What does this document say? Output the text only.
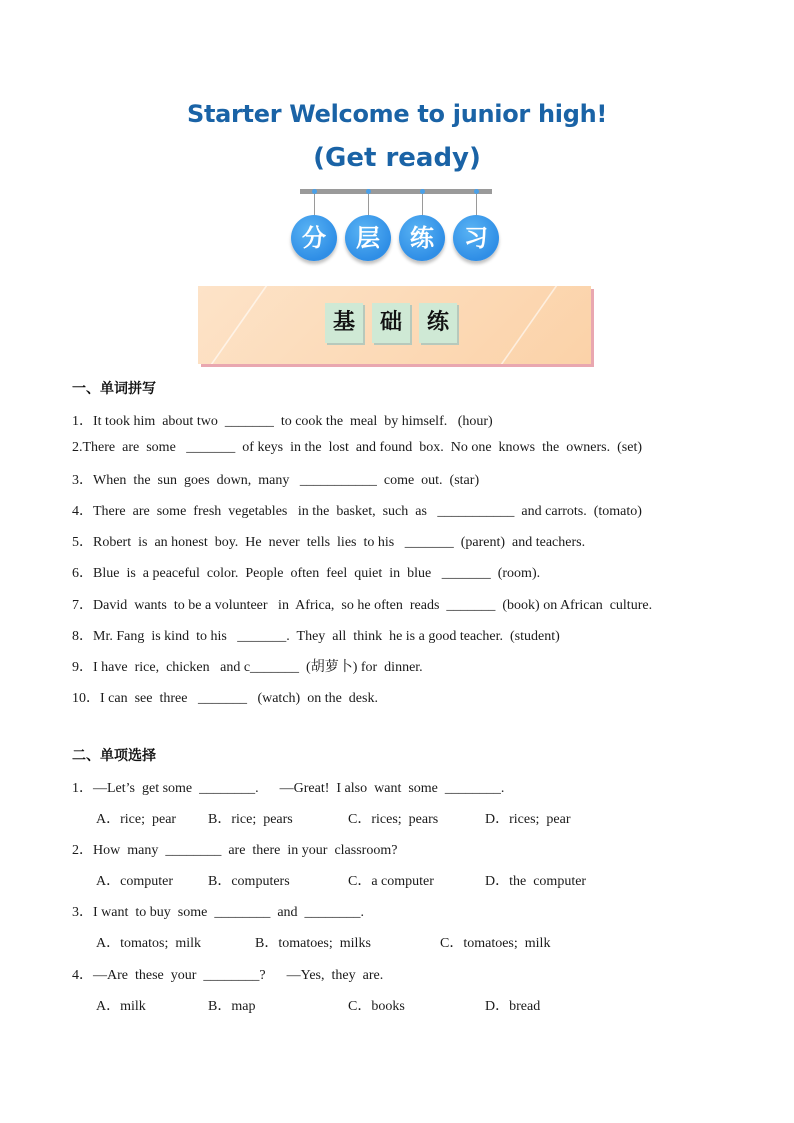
Starter Welcome to junior high!
(Get ready)
分	层	练	习
基	础	练
一、单词拼写
1．It took him  about two  _______  to cook the  meal  by himself.   (hour)
2.There  are  some   _______  of keys  in the  lost  and found  box.  No one  knows  the  owners.  (set)
3．When  the  sun  goes  down,  many   ___________  come  out.  (star)
4．There  are  some  fresh  vegetables   in the  basket,  such  as   ___________  and carrots.  (tomato)
5．Robert  is  an honest  boy.  He  never  tells  lies  to his   _______  (parent)  and teachers.
6．Blue  is  a peaceful  color.  People  often  feel  quiet  in  blue   _______  (room).
7．David  wants  to be a volunteer   in  Africa,  so he often  reads  _______  (book) on African  culture.
8．Mr. Fang  is kind  to his   _______.  They  all  think  he is a good teacher.  (student)
9．I have  rice,  chicken   and c_______  (胡萝卜) for  dinner.
10．I can  see  three   _______   (watch)  on the  desk.
二、单项选择
1．—Let’s  get some  ________.      —Great!  I also  want  some  ________.
A．rice;  pear B．rice;  pears	C．rices;  pears	D．rices;  pear
2．How  many  ________  are  there  in your  classroom?
A．computer	B．computers	C．a computer	D．the  computer
3．I want  to buy  some  ________  and  ________.
A．tomatos;  milk	B．tomatoes;  milks	C．tomatoes;  milk
4．—Are  these  your  ________?      —Yes,  they  are.
A．milk	B．map	C．books	D．bread
